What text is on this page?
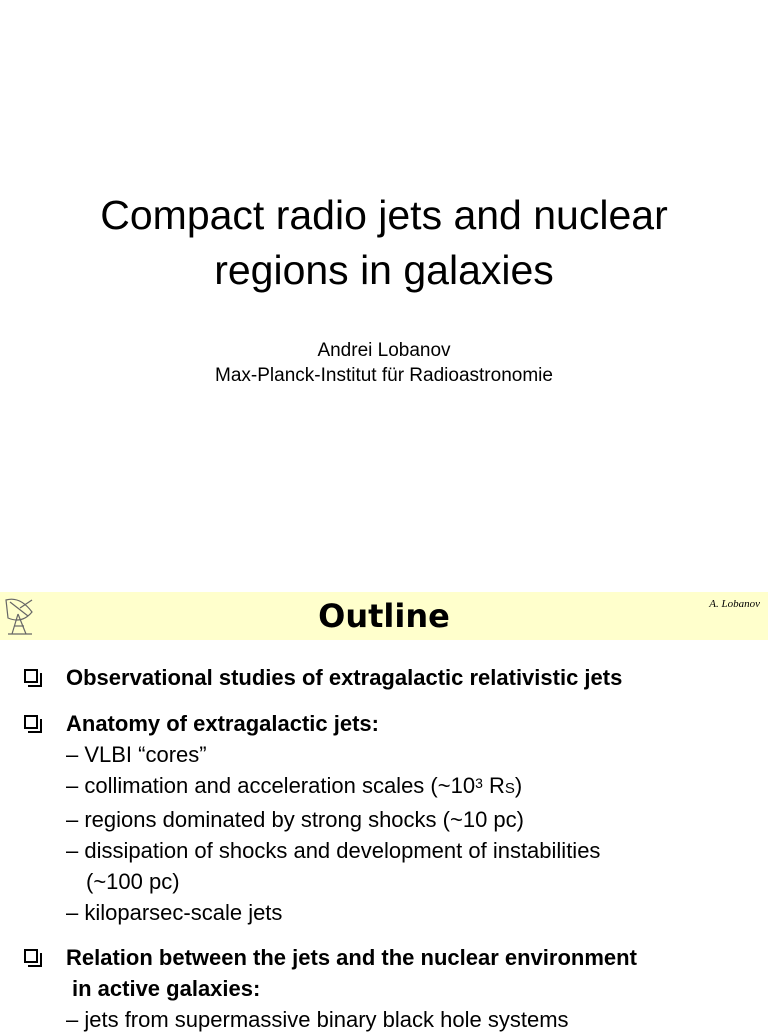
Compact radio jets and nuclear
regions in galaxies
Andrei Lobanov
Max-Planck-Institut für Radioastronomie
Outline	A. Lobanov
Observational studies of extragalactic relativistic jets
Anatomy of extragalactic jets:
– VLBI “cores”
– collimation and acceleration scales ($\sim 10^3$ RS)
– regions dominated by strong shocks (~10 pc)
– dissipation of shocks and development of instabilities
(~100 pc)
– kiloparsec-scale jets
Relation between the jets and the nuclear environment
in active galaxies:
– jets from supermassive binary black hole systems
